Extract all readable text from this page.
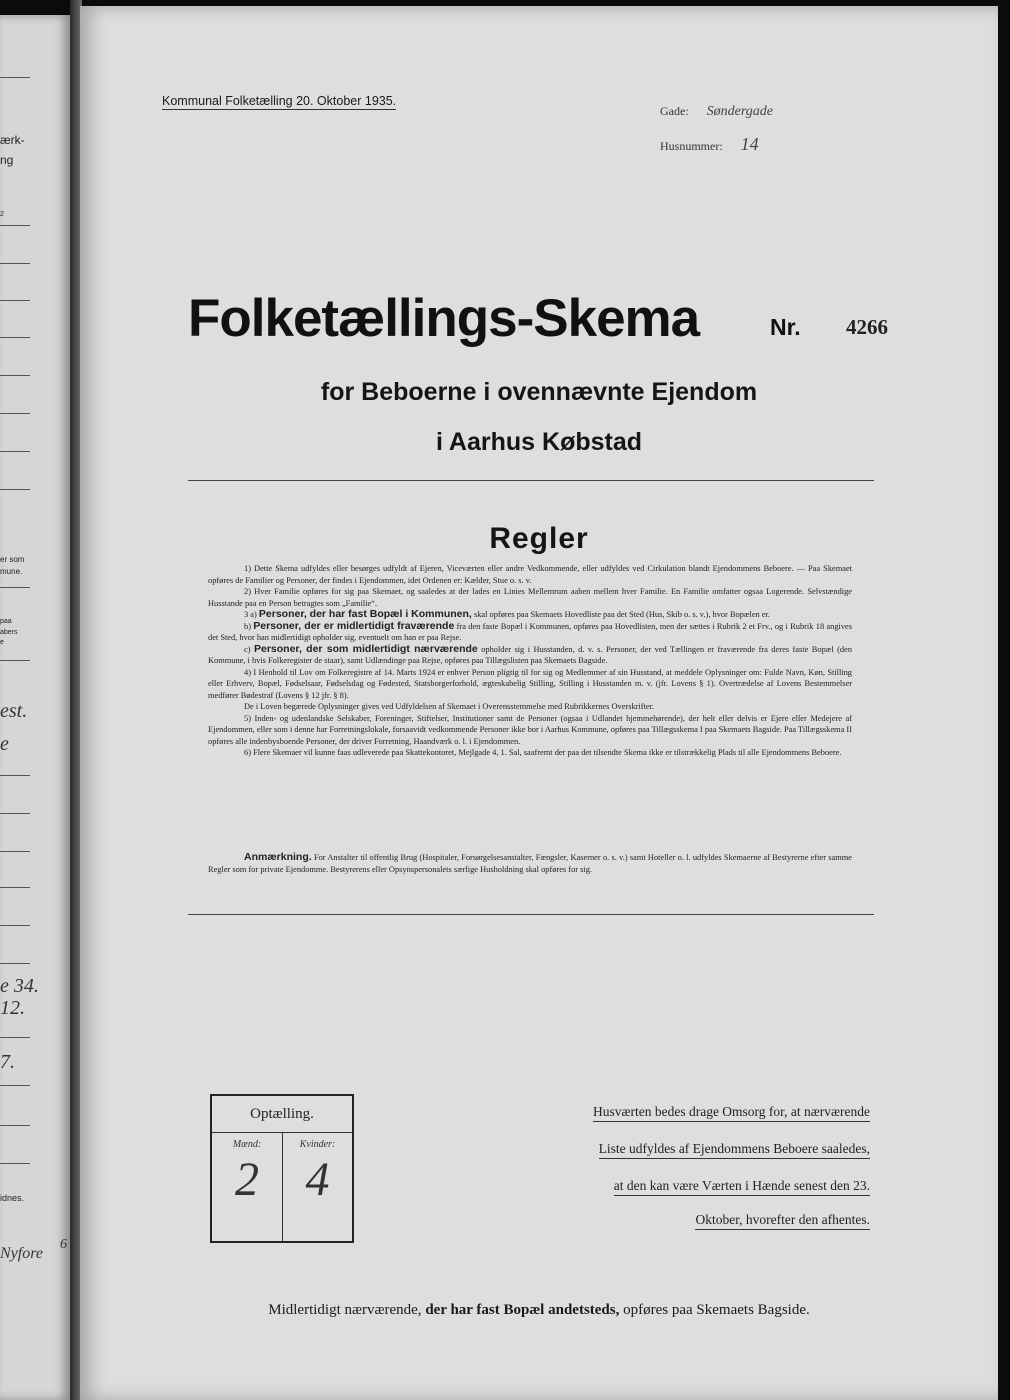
ærk-
ng
2
er som
mune.
paa
abers
e
est.
e
e 34.
12.
7.
idnes.
Nyfore
6
Kommunal Folketælling 20. Oktober 1935.
Gade: Søndergade
Husnummer: 14
Folketællings-Skema	Nr. 4266
for Beboerne i ovennævnte Ejendom
i Aarhus Købstad
Regler

1) Dette Skema udfyldes eller besørges udfyldt af Ejeren, Viceværten eller andre Vedkommende, eller udfyldes ved Cirkulation blandt Ejendommens Beboere. — Paa Skemaet opføres de Familier og Personer, der findes i Ejendommen, idet Ordenen er: Kælder, Stue o. s. v.

2) Hver Familie opføres for sig paa Skemaet, og saaledes at der lades en Linies Mellemrum aaben mellem hver Familie. En Familie omfatter ogsaa Logerende. Selvstændige Husstande paa en Person betragtes som „Familie“.

3 a) Personer, der har fast Bopæl i Kommunen, skal opføres paa Skemaets Hovedliste paa det Sted (Hus, Skib o. s. v.), hvor Bopælen er.

b) Personer, der er midlertidigt fraværende fra den faste Bopæl i Kommunen, opføres paa Hovedlisten, men der sættes i Rubrik 2 et Frv., og i Rubrik 18 angives det Sted, hvor han midlertidigt opholder sig, eventuelt om han er paa Rejse.

c) Personer, der som midlertidigt nærværende opholder sig i Husstanden, d. v. s. Personer, der ved Tællingen er fraværende fra deres faste Bopæl (den Kommune, i hvis Folkeregister de staar), samt Udlændinge paa Rejse, opføres paa Tillægslisten paa Skemaets Bagside.

4) I Henhold til Lov om Folkeregistre af 14. Marts 1924 er enhver Person pligtig til for sig og Medlemmer af sin Husstand, at meddele Oplysninger om: Fulde Navn, Køn, Stilling eller Erhverv, Bopæl, Fødselsaar, Fødselsdag og Fødested, Statsborgerforhold, ægteskabelig Stilling, Stilling i Husstanden m. v. (jfr. Lovens § 1). Overtrædelse af Lovens Bestemmelser medfører Bødestraf (Lovens § 12 jfr. § 8).

De i Loven begærede Oplysninger gives ved Udfyldelsen af Skemaet i Overensstemmelse med Rubrikkernes Overskrifter.

5) Inden- og udenlandske Selskaber, Foreninger, Stiftelser, Institutioner samt de Personer (ogsaa i Udlandet hjemmehørende), der helt eller delvis er Ejere eller Medejere af Ejendommen, eller som i denne har Forretningslokale, forsaavidt vedkommende Personer ikke bor i Aarhus Kommune, opføres paa Tillægsskema I paa Skemaets Bagside. Paa Tillægsskema II opføres alle indenbysboende Personer, der driver Forretning, Haandværk o. l. i Ejendommen.

6) Flere Skemaer vil kunne faas udleverede paa Skattekontoret, Mejlgade 4, 1. Sal, saafremt der paa det tilsendte Skema ikke er tilstrækkelig Plads til alle Ejendommens Beboere.

Anmærkning. For Anstalter til offentlig Brug (Hospitaler, Forsørgelsesanstalter, Fængsler, Kaserner o. s. v.) samt Hoteller o. l. udfyldes Skemaerne af Bestyrerne efter samme Regler som for private Ejendomme. Bestyrerens eller Opsynspersonalets særlige Husholdning skal opføres for sig.
Optælling.
Mænd:
2
Kvinder:
4
Husværten bedes drage Omsorg for, at nærværende
Liste udfyldes af Ejendommens Beboere saaledes,
at den kan være Værten i Hænde senest den 23.
Oktober, hvorefter den afhentes.
Midlertidigt nærværende, der har fast Bopæl andetsteds, opføres paa Skemaets Bagside.
